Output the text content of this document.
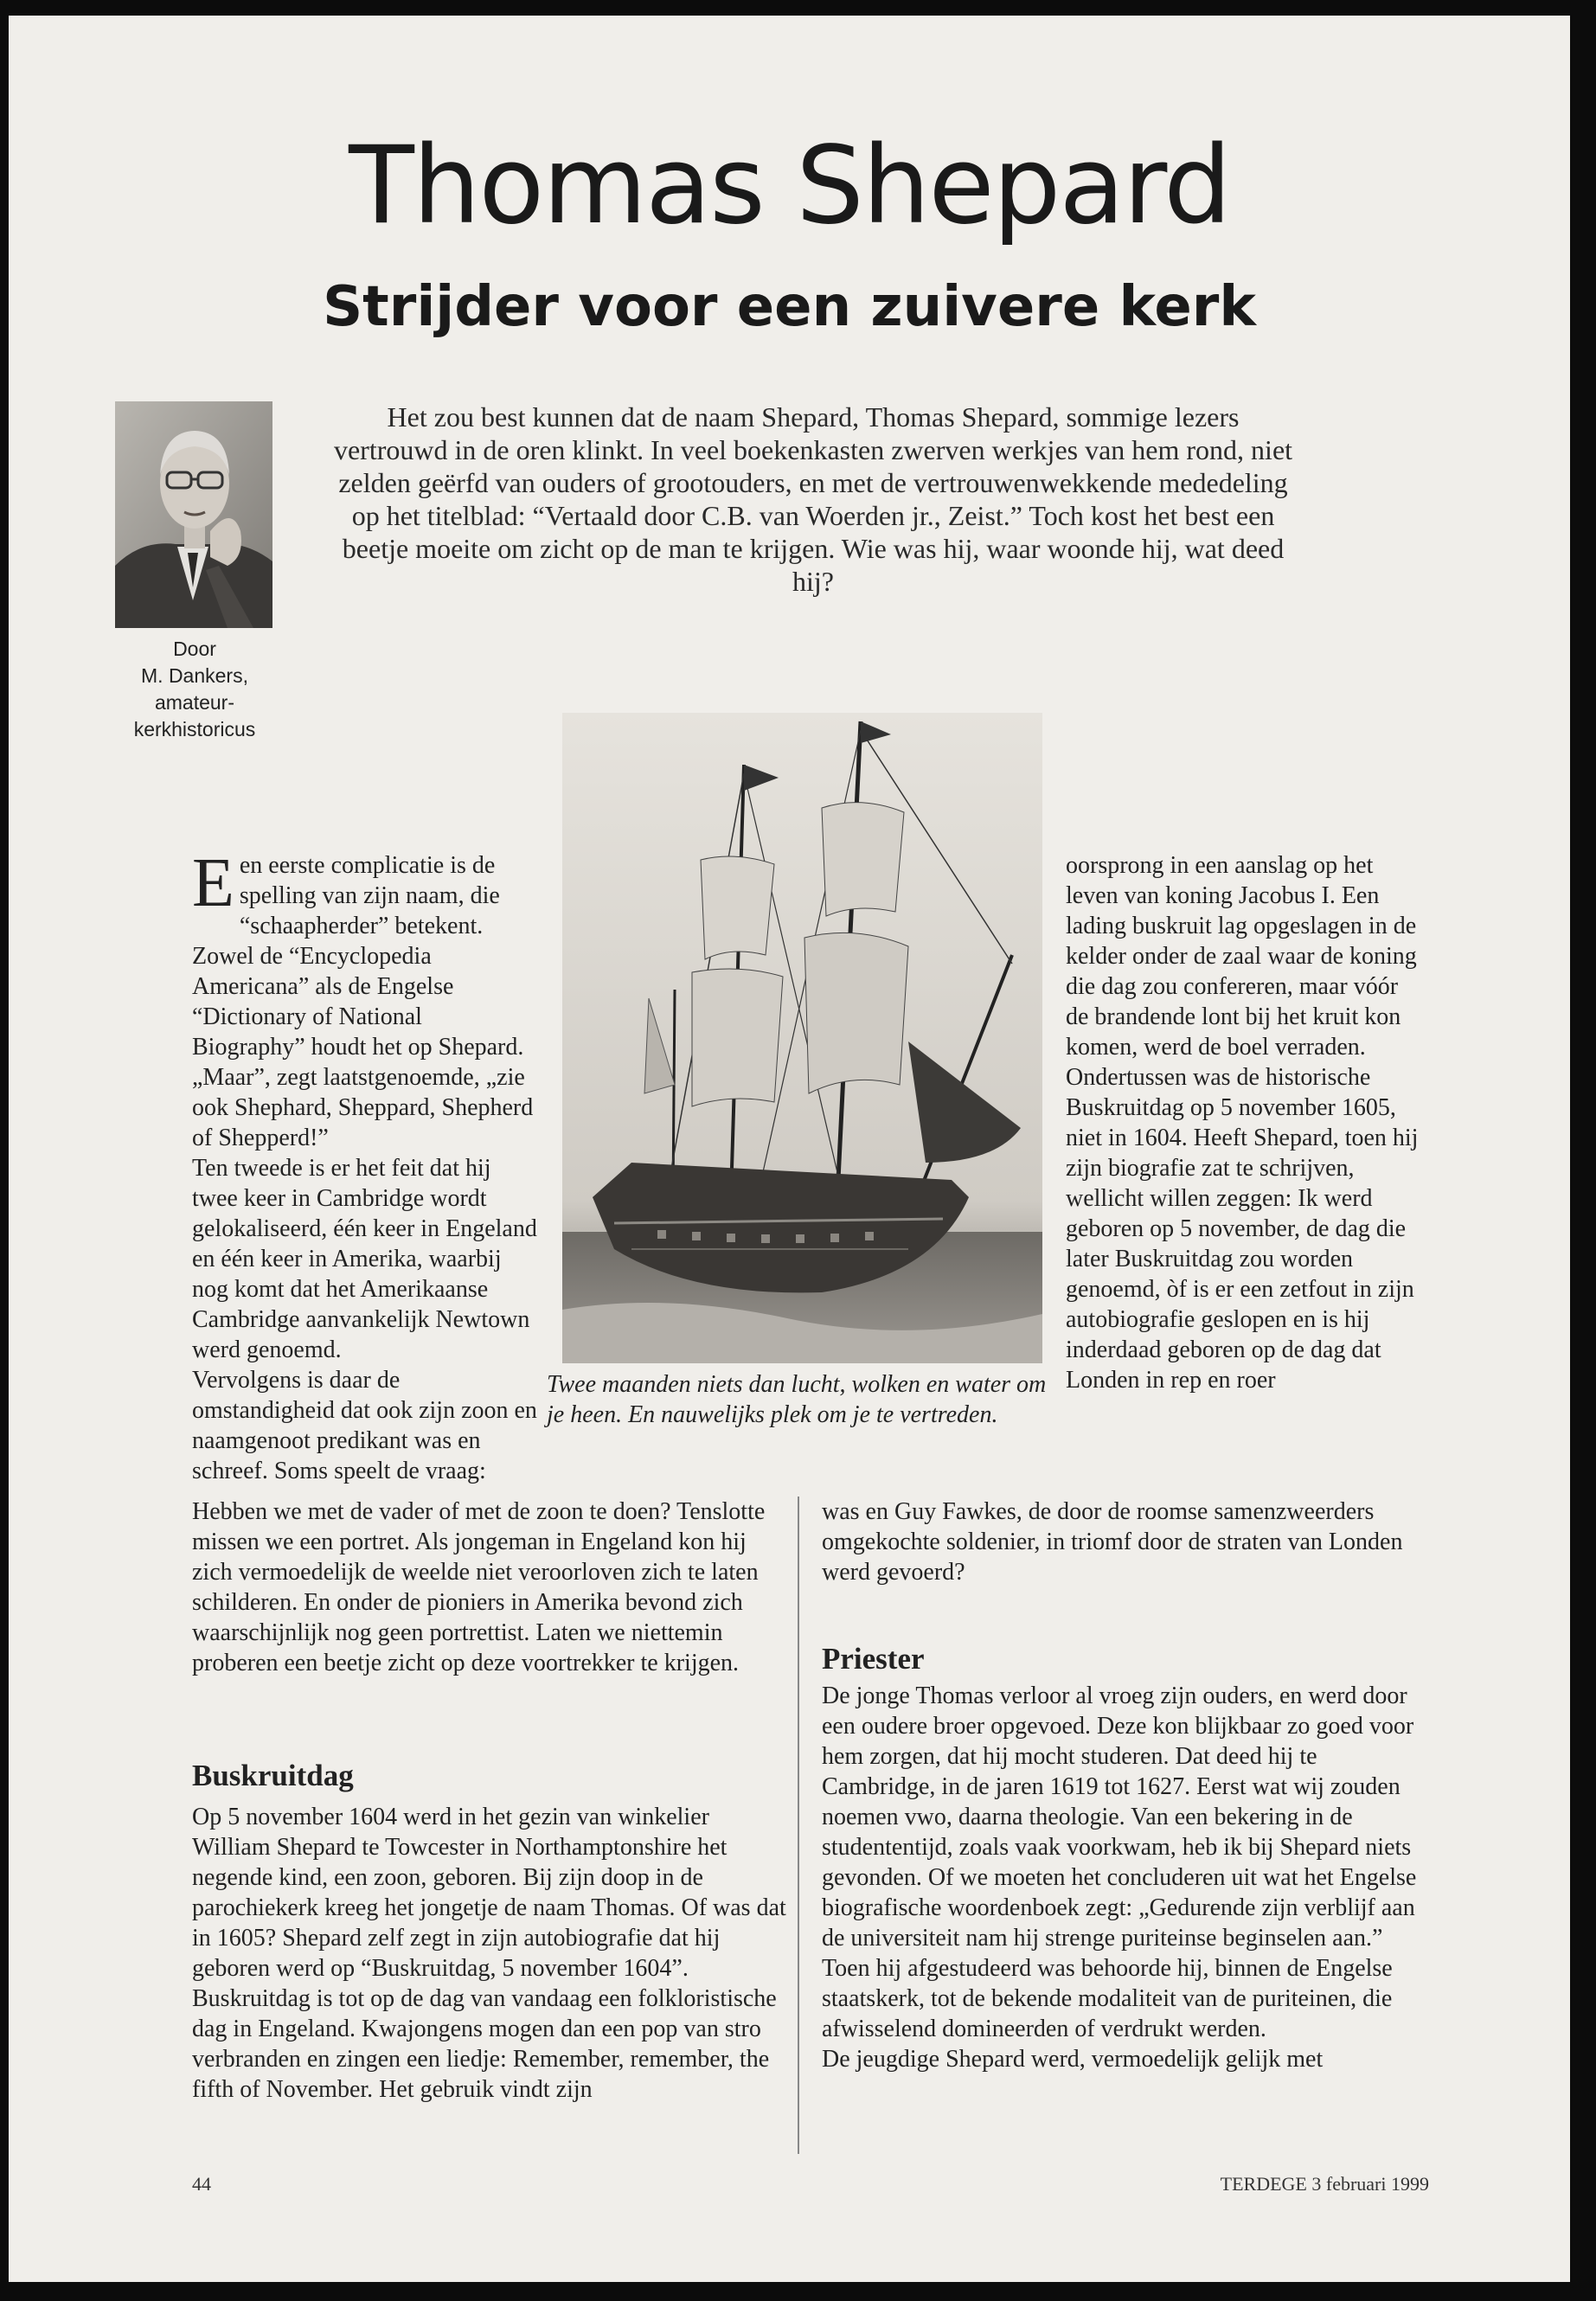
Thomas Shepard
Strijder voor een zuivere kerk

Het zou best kunnen dat de naam Shepard, Thomas Shepard, sommige lezers vertrouwd in de oren klinkt. In veel boekenkasten zwerven werkjes van hem rond, niet zelden geërfd van ouders of grootouders, en met de vertrouwenwekkende mededeling op het titelblad: “Vertaald door C.B. van Woerden jr., Zeist.” Toch kost het best een beetje moeite om zicht op de man te krijgen. Wie was hij, waar woonde hij, wat deed hij?

Door
M. Dankers,
amateur-
kerkhistoricus

Een eerste complicatie is de spelling van zijn naam, die “schaapherder” betekent. Zowel de “Encyclopedia Americana” als de Engelse “Dictionary of National Biography” houdt het op Shepard. „Maar”, zegt laatstgenoemde, „zie ook Shephard, Sheppard, Shepherd of Shepperd!”

Ten tweede is er het feit dat hij twee keer in Cambridge wordt gelokaliseerd, één keer in Engeland en één keer in Amerika, waarbij nog komt dat het Amerikaanse Cambridge aanvankelijk Newtown werd genoemd.

Vervolgens is daar de omstandigheid dat ook zijn zoon en naamgenoot predikant was en schreef. Soms speelt de vraag:

oorsprong in een aanslag op het leven van koning Jacobus I. Een lading buskruit lag opgeslagen in de kelder onder de zaal waar de koning die dag zou confereren, maar vóór de brandende lont bij het kruit kon komen, werd de boel verraden.

Ondertussen was de historische Buskruitdag op 5 november 1605, niet in 1604. Heeft Shepard, toen hij zijn biografie zat te schrijven, wellicht willen zeggen: Ik werd geboren op 5 november, de dag die later Buskruitdag zou worden genoemd, òf is er een zetfout in zijn autobiografie geslopen en is hij inderdaad geboren op de dag dat Londen in rep en roer

Twee maanden niets dan lucht, wolken en water om je heen. En nauwelijks plek om je te vertreden.

Hebben we met de vader of met de zoon te doen? Tenslotte missen we een portret. Als jongeman in Engeland kon hij zich vermoedelijk de weelde niet veroorloven zich te laten schilderen. En onder de pioniers in Amerika bevond zich waarschijnlijk nog geen portrettist. Laten we niettemin proberen een beetje zicht op deze voortrekker te krijgen.
was en Guy Fawkes, de door de roomse samenzweerders omgekochte soldenier, in triomf door de straten van Londen werd gevoerd?
Buskruitdag
Op 5 november 1604 werd in het gezin van winkelier William Shepard te Towcester in Northamptonshire het negende kind, een zoon, geboren. Bij zijn doop in de parochiekerk kreeg het jongetje de naam Thomas. Of was dat in 1605? Shepard zelf zegt in zijn autobiografie dat hij geboren werd op “Buskruitdag, 5 november 1604”. Buskruitdag is tot op de dag van vandaag een folkloristische dag in Engeland. Kwajongens mogen dan een pop van stro verbranden en zingen een liedje: Remember, remember, the fifth of November. Het gebruik vindt zijn
Priester

De jonge Thomas verloor al vroeg zijn ouders, en werd door een oudere broer opgevoed. Deze kon blijkbaar zo goed voor hem zorgen, dat hij mocht studeren. Dat deed hij te Cambridge, in de jaren 1619 tot 1627. Eerst wat wij zouden noemen vwo, daarna theologie. Van een bekering in de studententijd, zoals vaak voorkwam, heb ik bij Shepard niets gevonden. Of we moeten het concluderen uit wat het Engelse biografische woordenboek zegt: „Gedurende zijn verblijf aan de universiteit nam hij strenge puriteinse beginselen aan.” Toen hij afgestudeerd was behoorde hij, binnen de Engelse staatskerk, tot de bekende modaliteit van de puriteinen, die afwisselend domineerden of verdrukt werden.

De jeugdige Shepard werd, vermoedelijk gelijk met

44	TERDEGE 3 februari 1999
